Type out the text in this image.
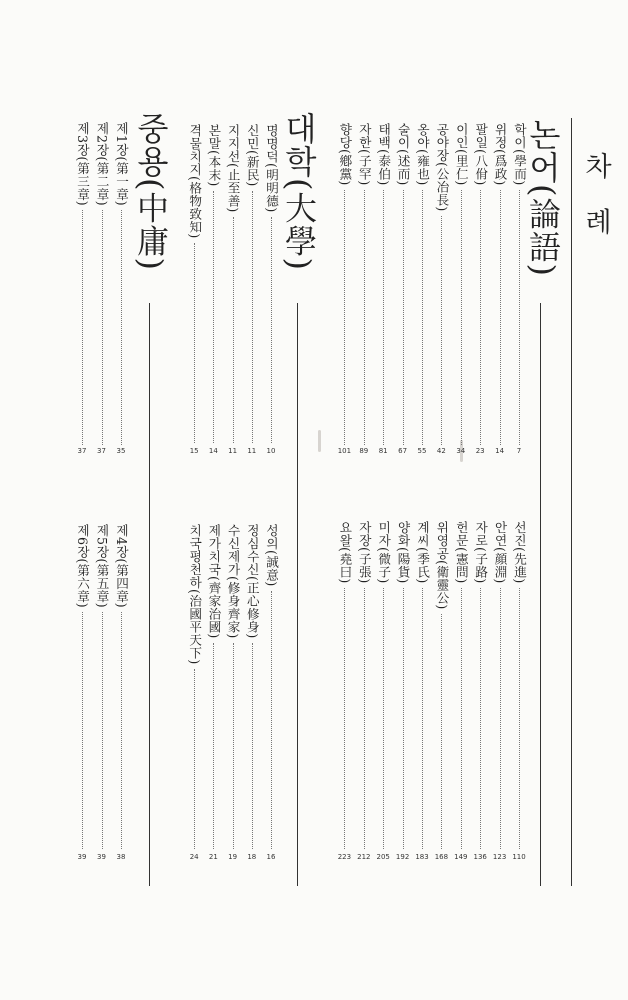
차 례
논어(論語)
학이(學而)
7
위정(爲政)
14
팔일(八佾)
23
이인(里仁)
34
공야장(公冶長)
42
옹야(雍也)
55
술이(述而)
67
태백(泰伯)
81
자한(子罕)
89
향당(鄕黨)
101
선진(先進)
110
안연(顔淵)
123
자로(子路)
136
헌문(憲問)
149
위영공(衛靈公)
168
계씨(季氏)
183
양화(陽貨)
192
미자(微子)
205
자장(子張)
212
요왈(堯曰)
223
대학(大學)
명명덕(明明德)
10
신민(新民)
11
지지선(止至善)
11
본말(本末)
14
격물치지(格物致知)
15
성의(誠意)
16
정심수신(正心修身)
18
수신제가(修身齊家)
19
제가치국(齊家治國)
21
치국평천하(治國平天下)
24
중용(中庸)
제1장(第一章)
35
제2장(第二章)
37
제3장(第三章)
37
제4장(第四章)
38
제5장(第五章)
39
제6장(第六章)
39
